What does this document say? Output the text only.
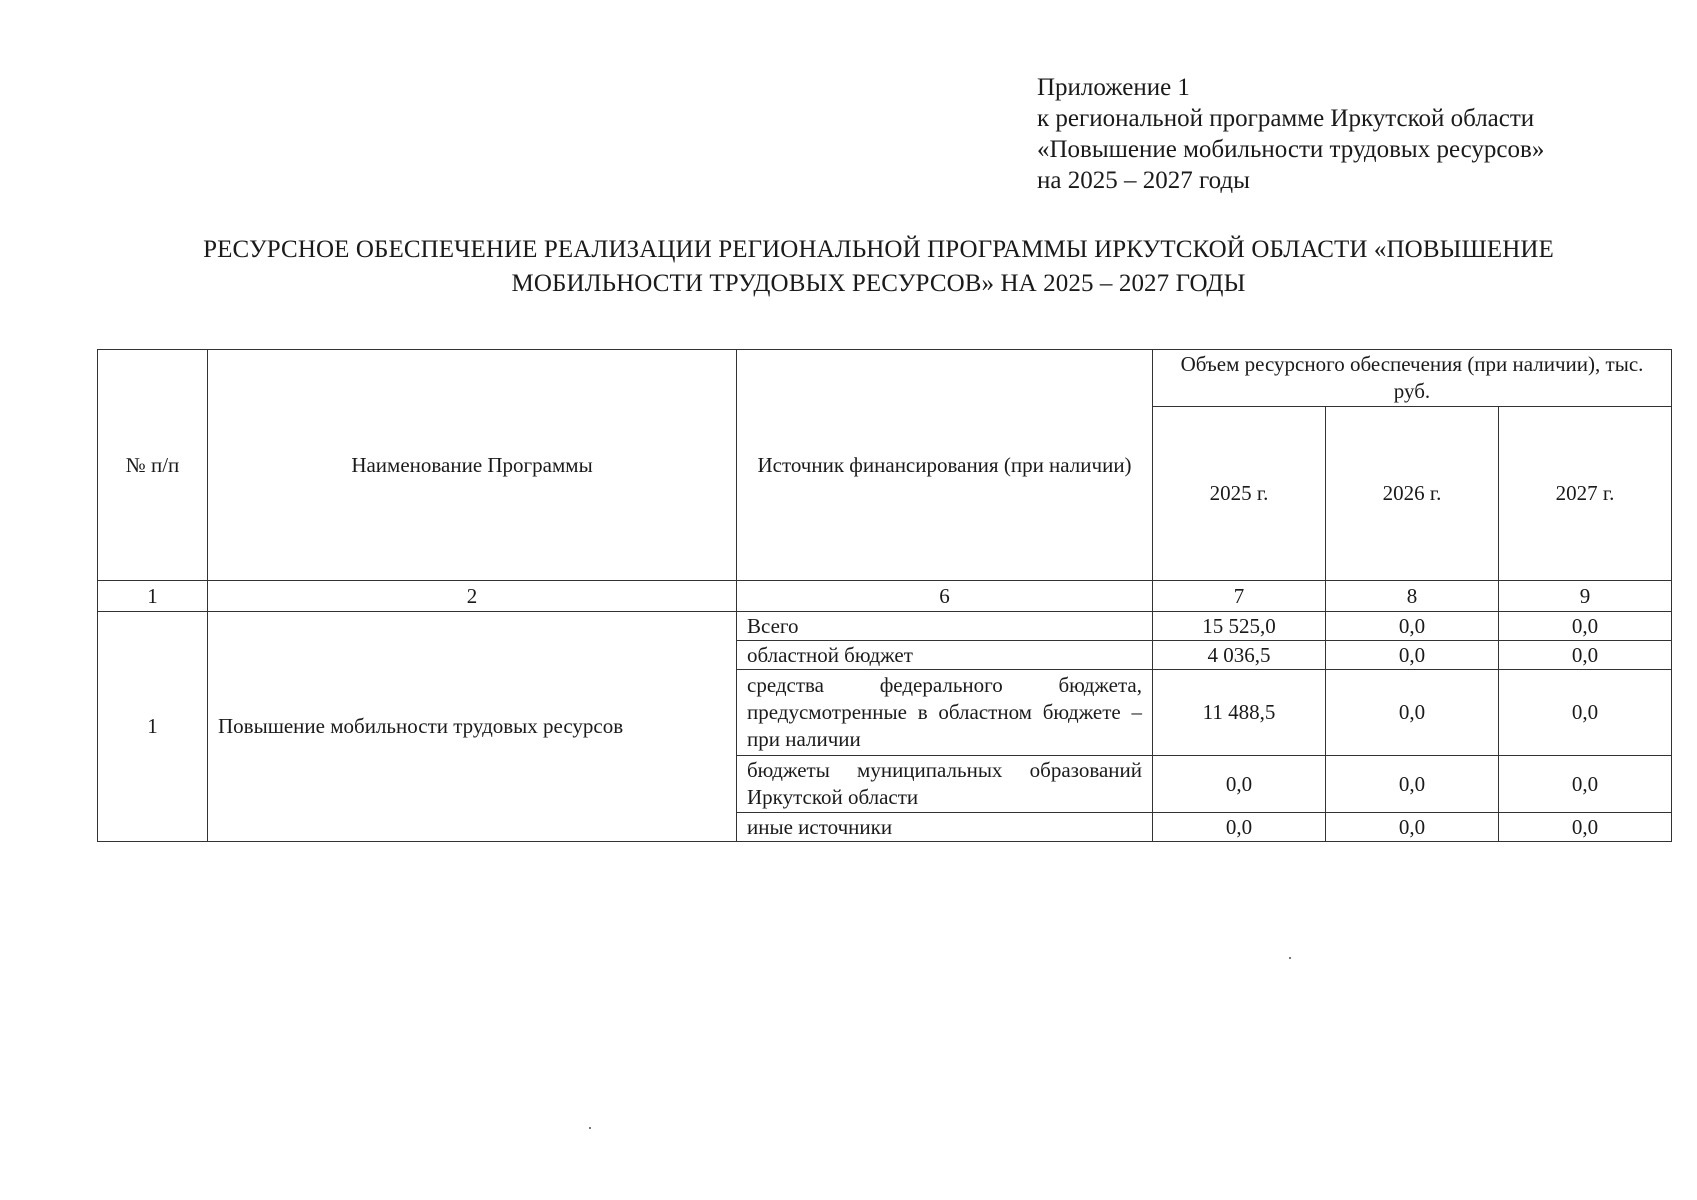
Приложение 1
к региональной программе Иркутской области
«Повышение мобильности трудовых ресурсов»
на 2025 – 2027 годы
РЕСУРСНОЕ ОБЕСПЕЧЕНИЕ РЕАЛИЗАЦИИ РЕГИОНАЛЬНОЙ ПРОГРАММЫ ИРКУТСКОЙ ОБЛАСТИ «ПОВЫШЕНИЕ
МОБИЛЬНОСТИ ТРУДОВЫХ РЕСУРСОВ» НА 2025 – 2027 ГОДЫ
№ п/п	Наименование Программы	Источник финансирования (при наличии)	Объем ресурсного обеспечения (при наличии), тыс. руб.		
			2025 г.	2026 г.	2027 г.
1	2	6	7	8	9
1	Повышение мобильности трудовых ресурсов	Всего	15 525,0	0,0	0,0
		областной бюджет	4 036,5	0,0	0,0
		средства федерального бюджета, предусмотренные в областном бюджете – при наличии	11 488,5	0,0	0,0
		бюджеты муниципальных образований Иркутской области	0,0	0,0	0,0
		иные источники	0,0	0,0	0,0
